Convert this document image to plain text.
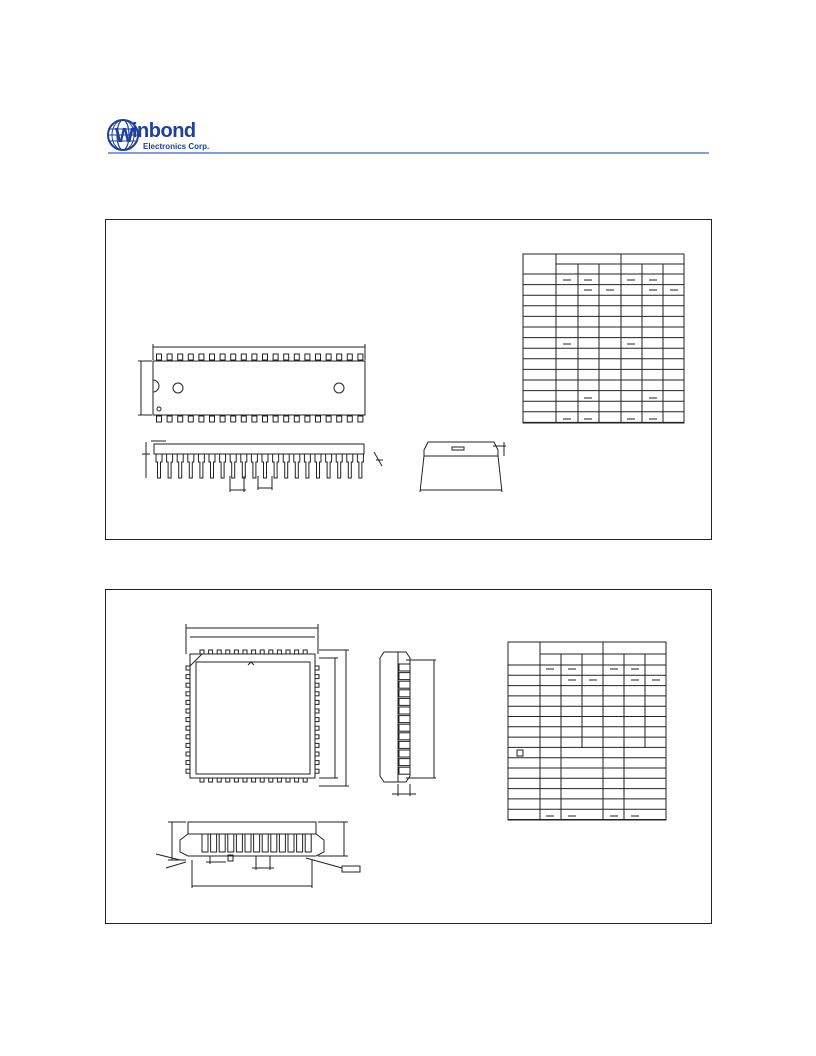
W
inbond
Electronics Corp.
